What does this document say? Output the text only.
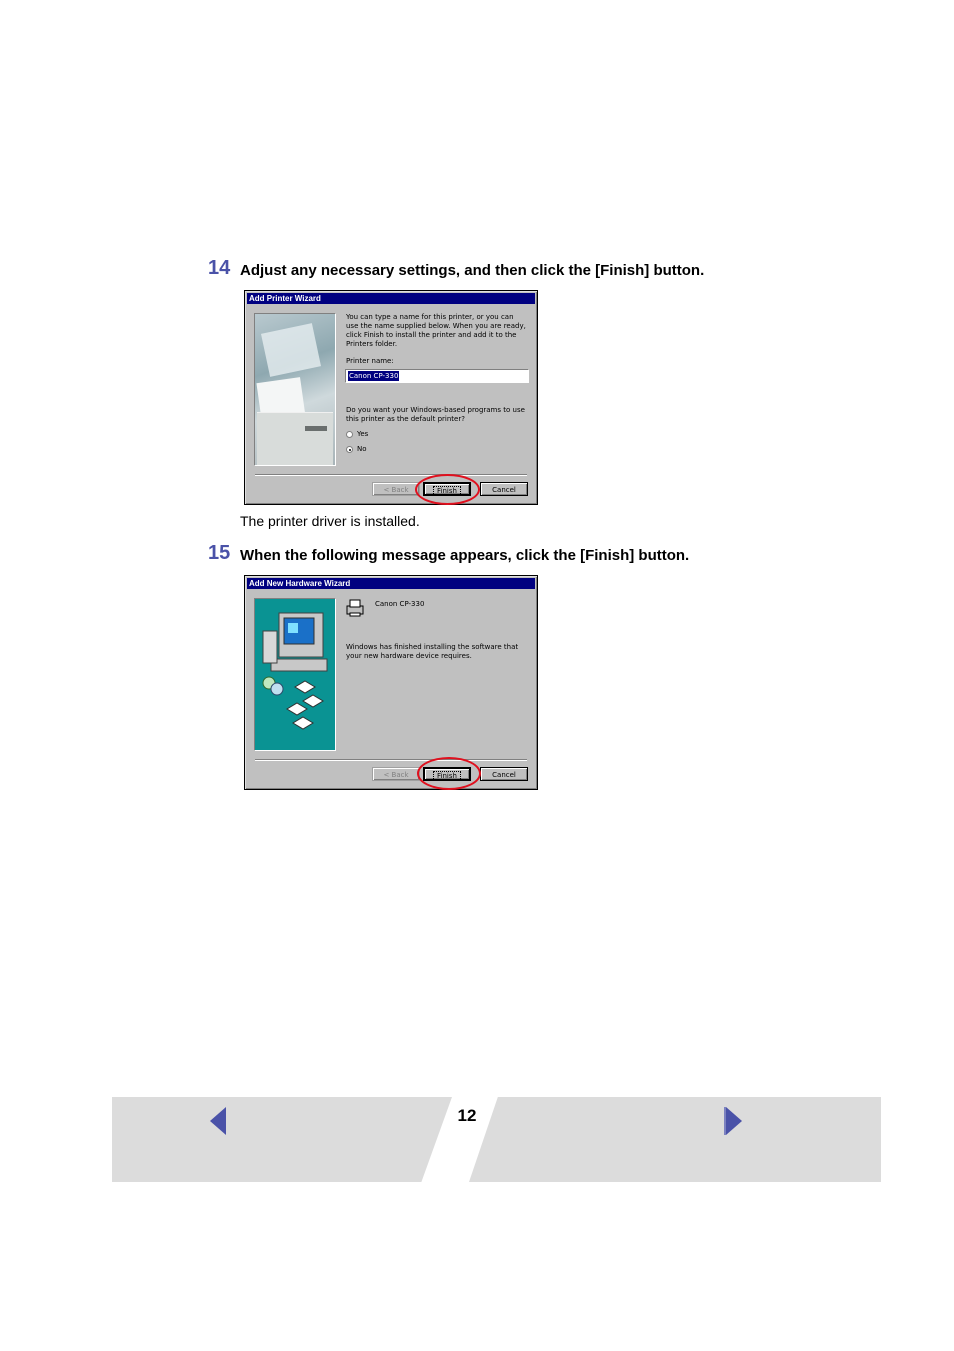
14 Adjust any necessary settings, and then click the [Finish] button.
Add Printer Wizard
You can type a name for this printer, or you can use the name supplied below. When you are ready, click Finish to install the printer and add it to the Printers folder.
Printer name:
Canon CP-330
Do you want your Windows-based programs to use this printer as the default printer?
Yes
No
< Back	Finish	Cancel
The printer driver is installed.
15 When the following message appears, click the [Finish] button.
Add New Hardware Wizard
Canon CP-330
Windows has finished installing the software that your new hardware device requires.
< Back	Finish	Cancel
12
